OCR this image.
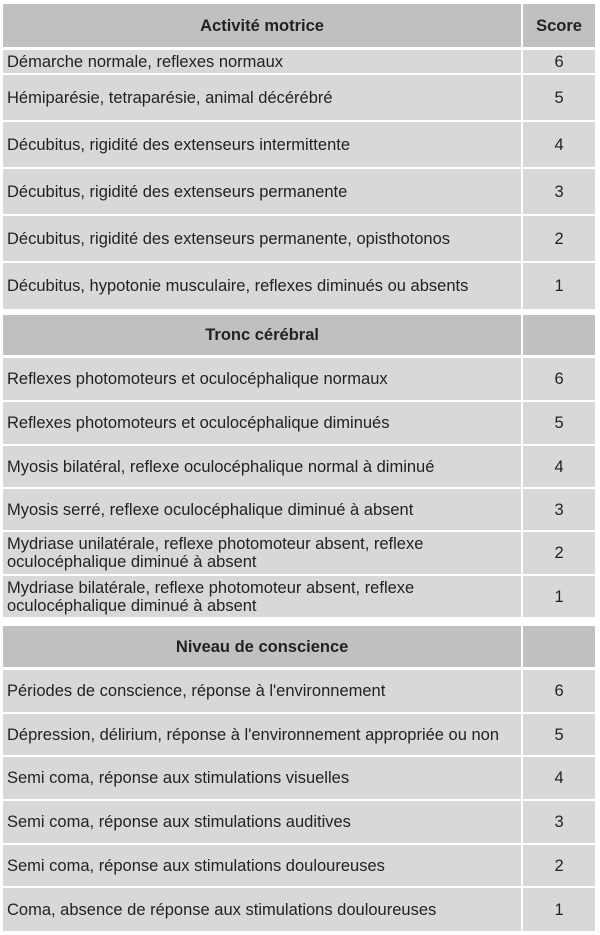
Activité motrice	Score
Démarche normale, reflexes normaux	6
Hémiparésie, tetraparésie, animal décérébré	5
Décubitus, rigidité des extenseurs intermittente	4
Décubitus, rigidité des extenseurs permanente	3
Décubitus, rigidité des extenseurs permanente, opisthotonos	2
Décubitus, hypotonie musculaire, reflexes diminués ou absents	1
Tronc cérébral	
Reflexes photomoteurs et oculocéphalique normaux	6
Reflexes photomoteurs et oculocéphalique diminués	5
Myosis bilatéral, reflexe oculocéphalique normal à diminué	4
Myosis serré, reflexe oculocéphalique diminué à absent	3
Mydriase unilatérale, reflexe photomoteur absent, reflexe oculocéphalique diminué à absent	2
Mydriase bilatérale, reflexe photomoteur absent, reflexe oculocéphalique diminué à absent	1
Niveau de conscience	
Périodes de conscience, réponse à l'environnement	6
Dépression, délirium, réponse à l'environnement appropriée ou non	5
Semi coma, réponse aux stimulations visuelles	4
Semi coma, réponse aux stimulations auditives	3
Semi coma, réponse aux stimulations douloureuses	2
Coma, absence de réponse aux stimulations douloureuses	1
